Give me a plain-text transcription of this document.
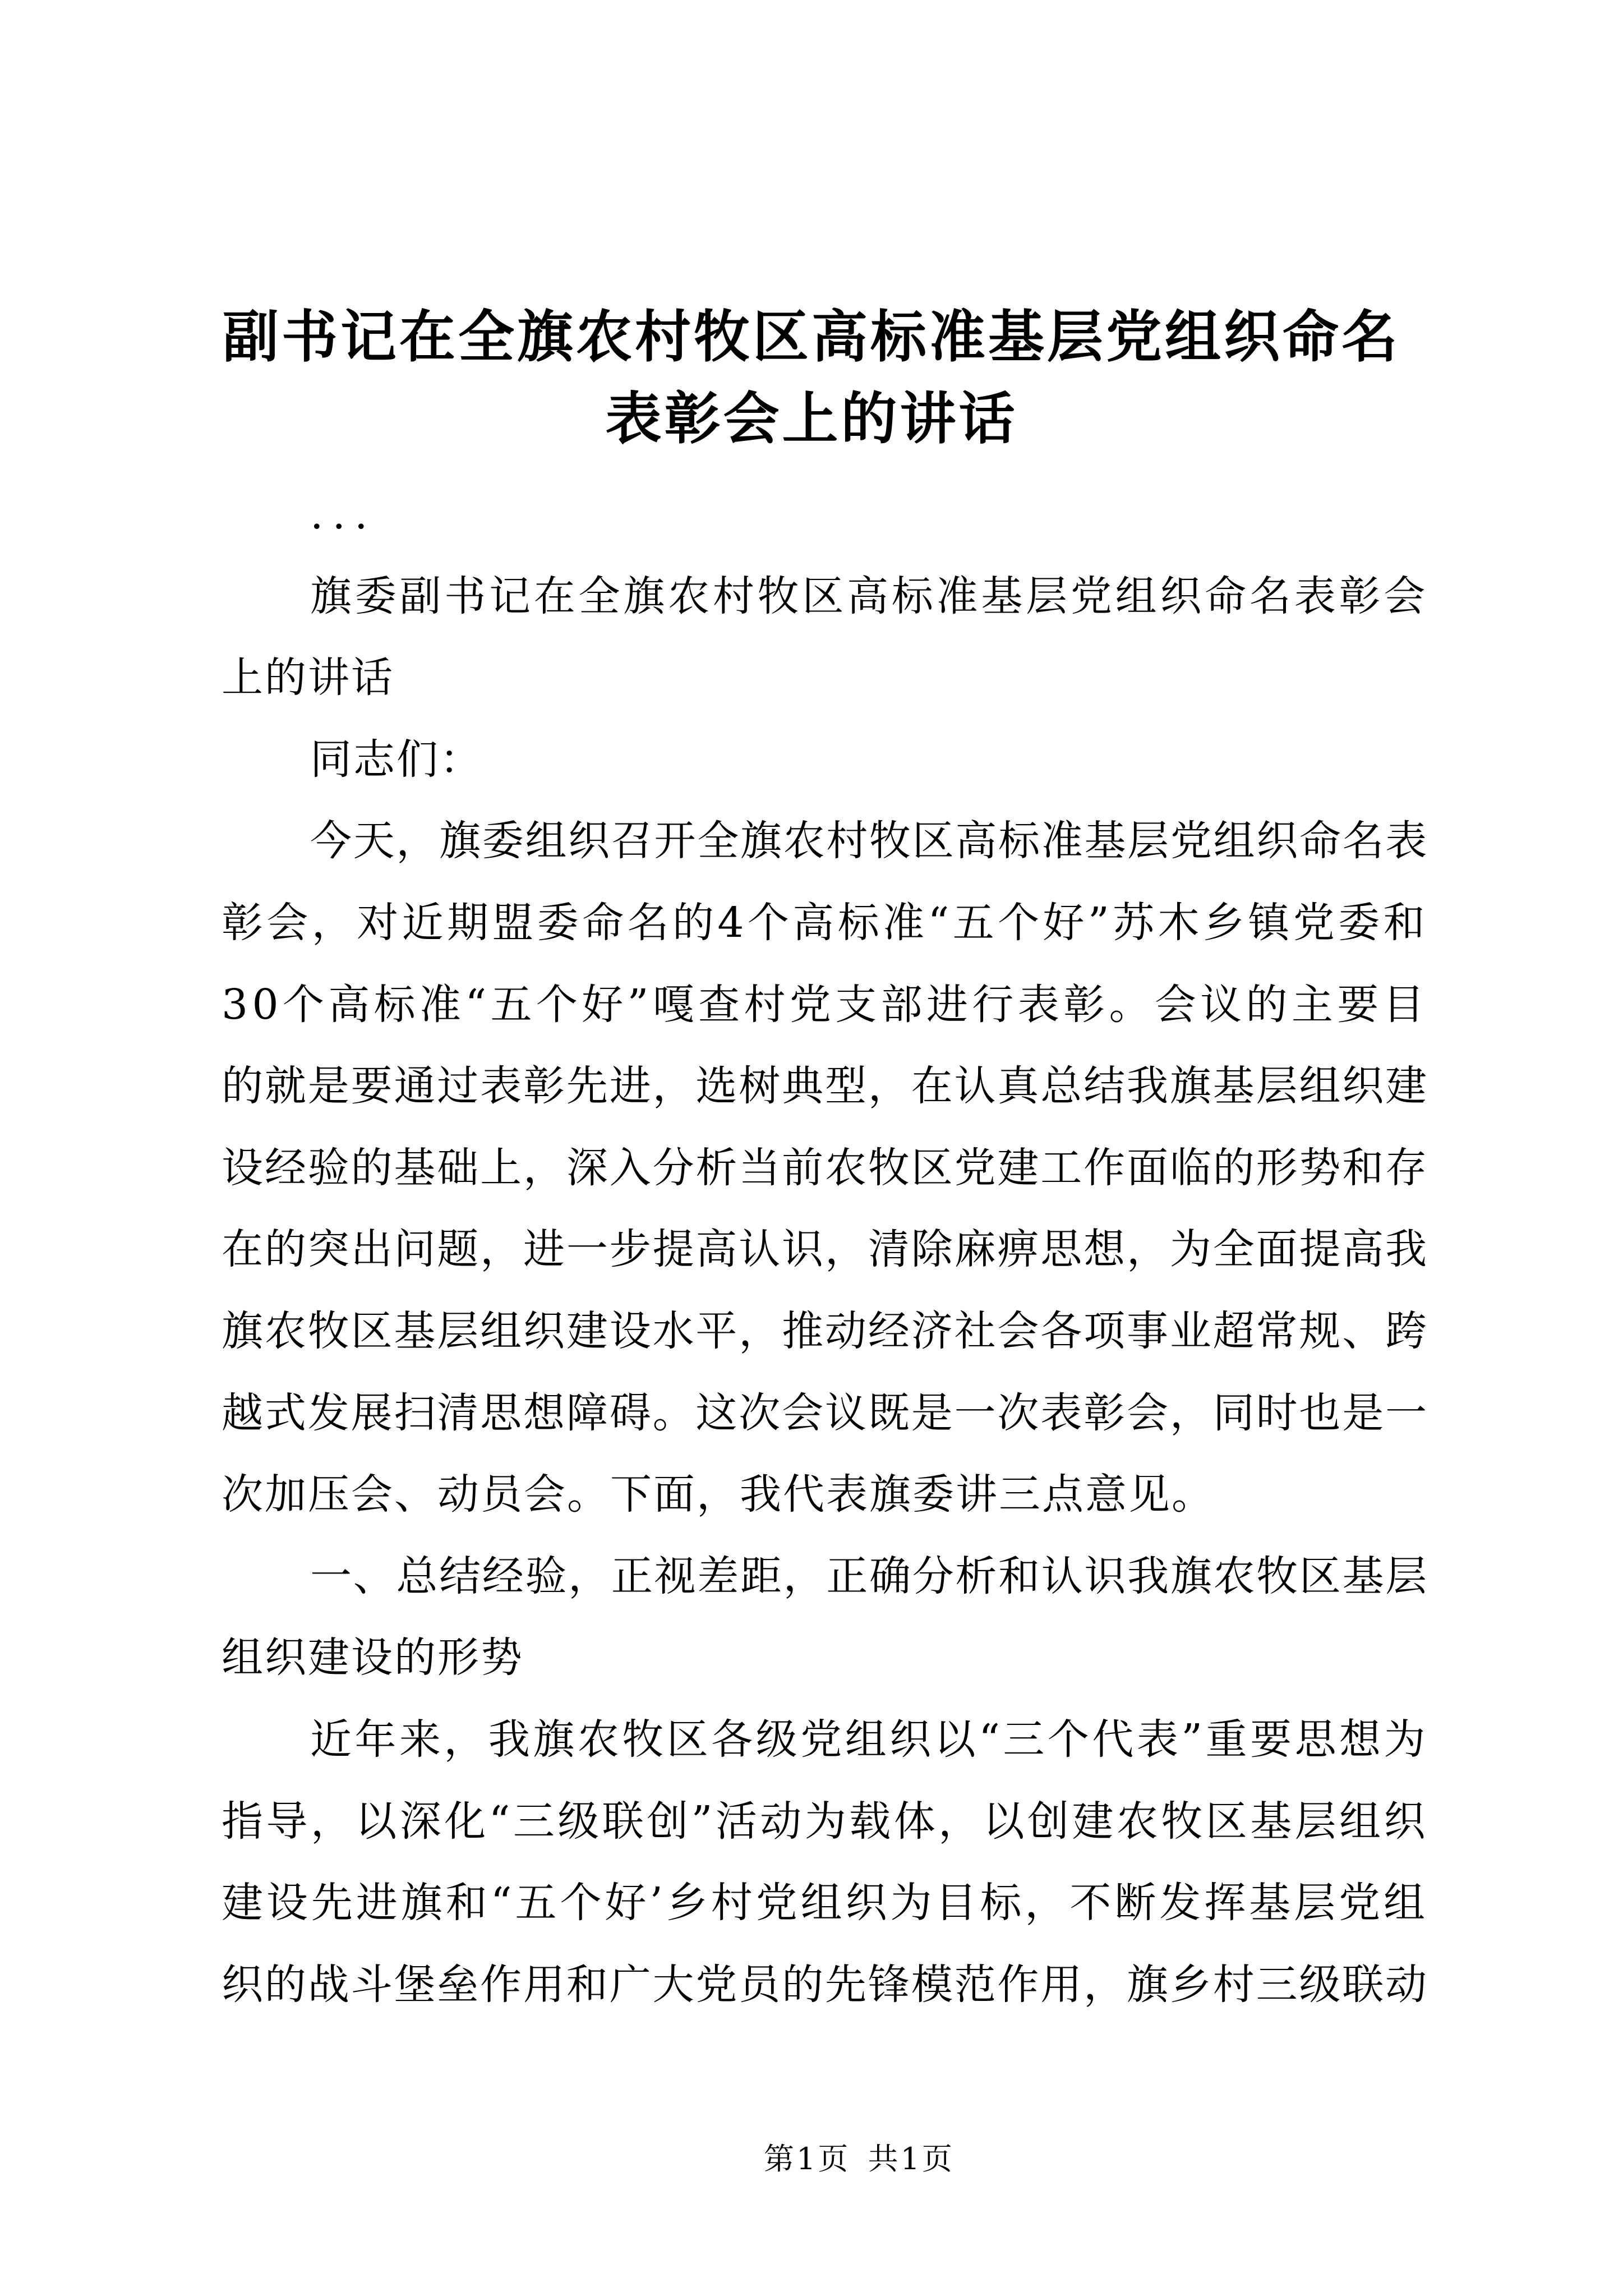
副书记在全旗农村牧区高标准基层党组织命名
表彰会上的讲话
...
旗委副书记在全旗农村牧区高标准基层党组织命名表彰会
上的讲话
同志们：
今天，旗委组织召开全旗农村牧区高标准基层党组织命名表
彰会，对近期盟委命名的4个高标准“五个好”苏木乡镇党委和
30个高标准“五个好”嘎查村党支部进行表彰。会议的主要目
的就是要通过表彰先进，选树典型，在认真总结我旗基层组织建
设经验的基础上，深入分析当前农牧区党建工作面临的形势和存
在的突出问题，进一步提高认识，清除麻痹思想，为全面提高我
旗农牧区基层组织建设水平，推动经济社会各项事业超常规、跨
越式发展扫清思想障碍。这次会议既是一次表彰会，同时也是一
次加压会、动员会。下面，我代表旗委讲三点意见。
一、总结经验，正视差距，正确分析和认识我旗农牧区基层
组织建设的形势
近年来，我旗农牧区各级党组织以“三个代表”重要思想为
指导，以深化“三级联创”活动为载体，以创建农牧区基层组织
建设先进旗和“五个好’乡村党组织为目标，不断发挥基层党组
织的战斗堡垒作用和广大党员的先锋模范作用，旗乡村三级联动
第1页 共1页
